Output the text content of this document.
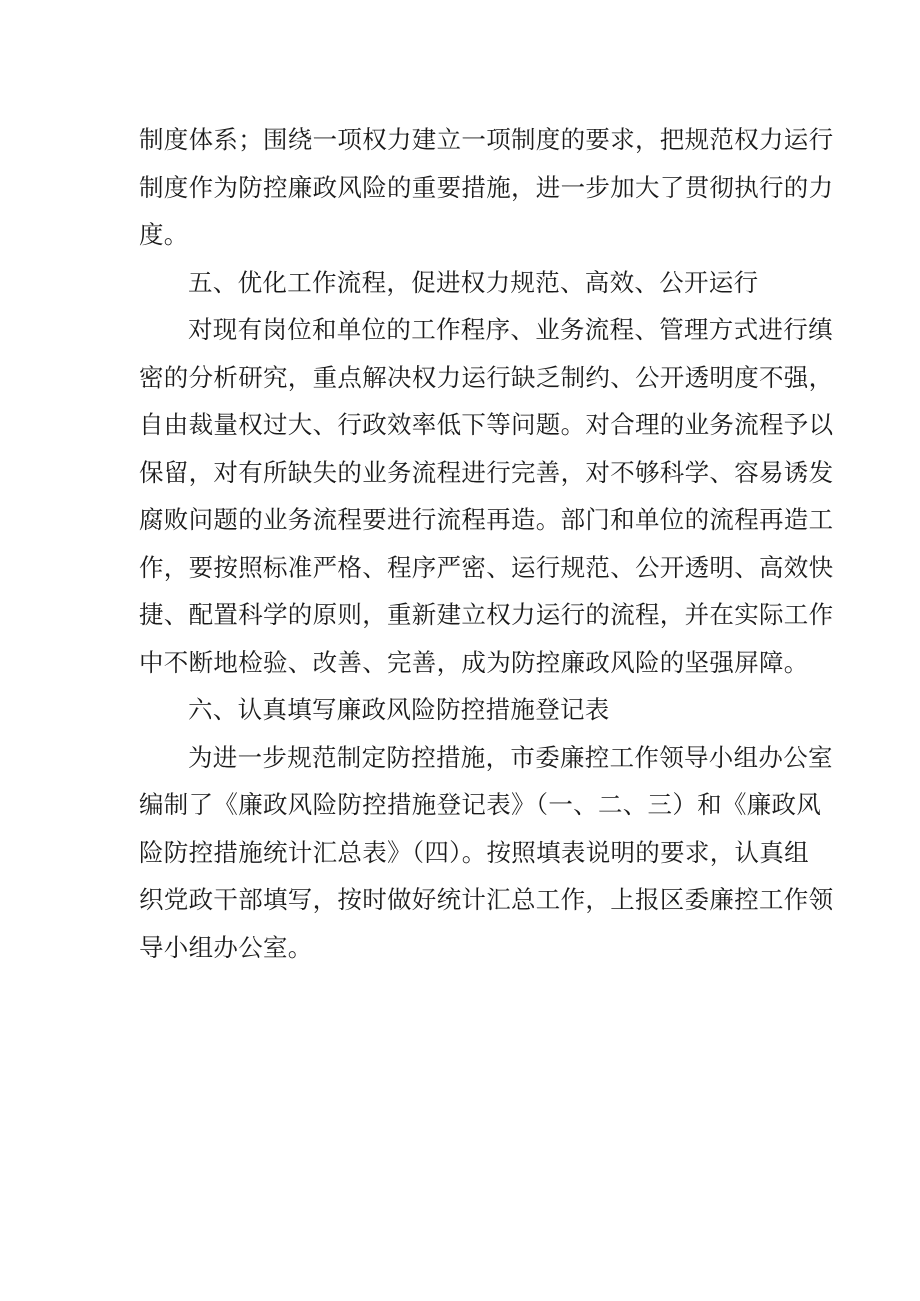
制度体系；围绕一项权力建立一项制度的要求，把规范权力运行
制度作为防控廉政风险的重要措施，进一步加大了贯彻执行的力
度。
五、优化工作流程，促进权力规范、高效、公开运行
对现有岗位和单位的工作程序、业务流程、管理方式进行缜
密的分析研究，重点解决权力运行缺乏制约、公开透明度不强，
自由裁量权过大、行政效率低下等问题。对合理的业务流程予以
保留，对有所缺失的业务流程进行完善，对不够科学、容易诱发
腐败问题的业务流程要进行流程再造。部门和单位的流程再造工
作，要按照标准严格、程序严密、运行规范、公开透明、高效快
捷、配置科学的原则，重新建立权力运行的流程，并在实际工作
中不断地检验、改善、完善，成为防控廉政风险的坚强屏障。
六、认真填写廉政风险防控措施登记表
为进一步规范制定防控措施，市委廉控工作领导小组办公室
编制了《廉政风险防控措施登记表》（一、二、三）和《廉政风
险防控措施统计汇总表》（四）。按照填表说明的要求，认真组
织党政干部填写，按时做好统计汇总工作，上报区委廉控工作领
导小组办公室。
